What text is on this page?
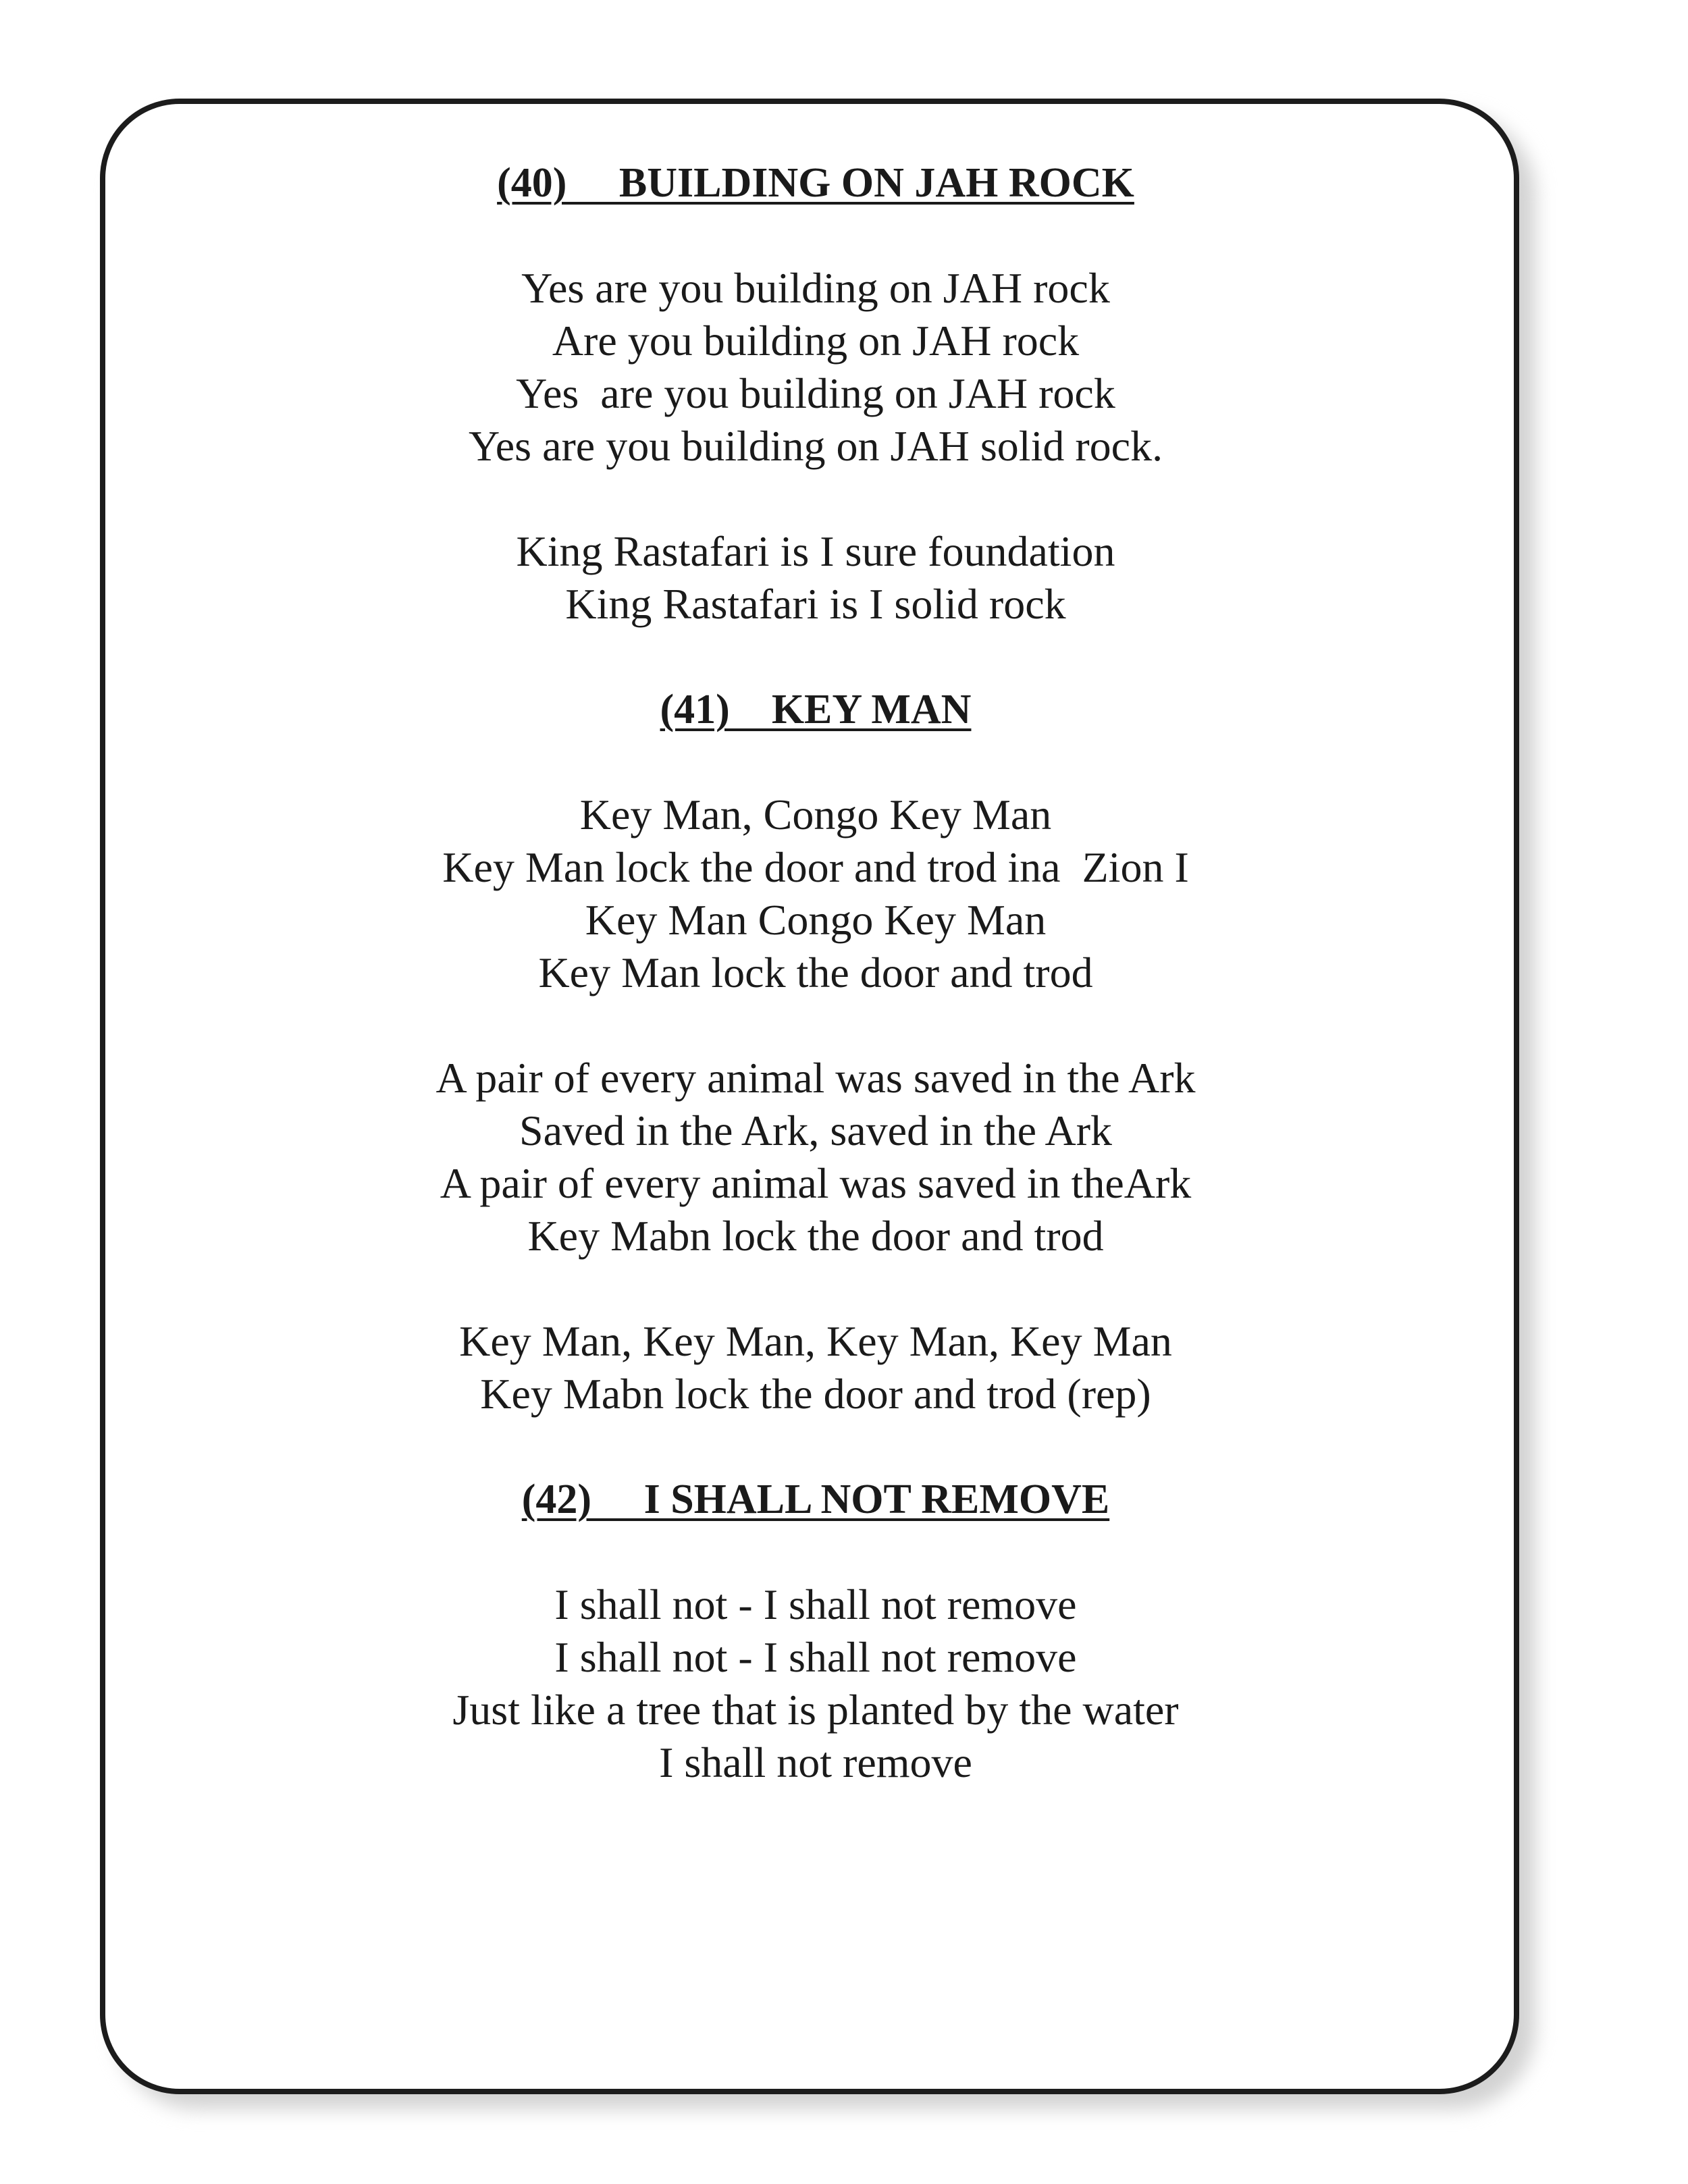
(40)     BUILDING ON JAH ROCK

Yes are you building on JAH rock

Are you building on JAH rock

Yes  are you building on JAH rock

Yes are you building on JAH solid rock.

King Rastafari is I sure foundation

King Rastafari is I solid rock

(41)    KEY MAN

Key Man, Congo Key Man

Key Man lock the door and trod ina  Zion I

Key Man Congo Key Man

Key Man lock the door and trod

A pair of every animal was saved in the Ark

Saved in the Ark, saved in the Ark

A pair of every animal was saved in theArk

Key Mabn lock the door and trod

Key Man, Key Man, Key Man, Key Man

Key Mabn lock the door and trod (rep)

(42)     I SHALL NOT REMOVE

I shall not - I shall not remove

I shall not - I shall not remove

Just like a tree that is planted by the water

I shall not remove
